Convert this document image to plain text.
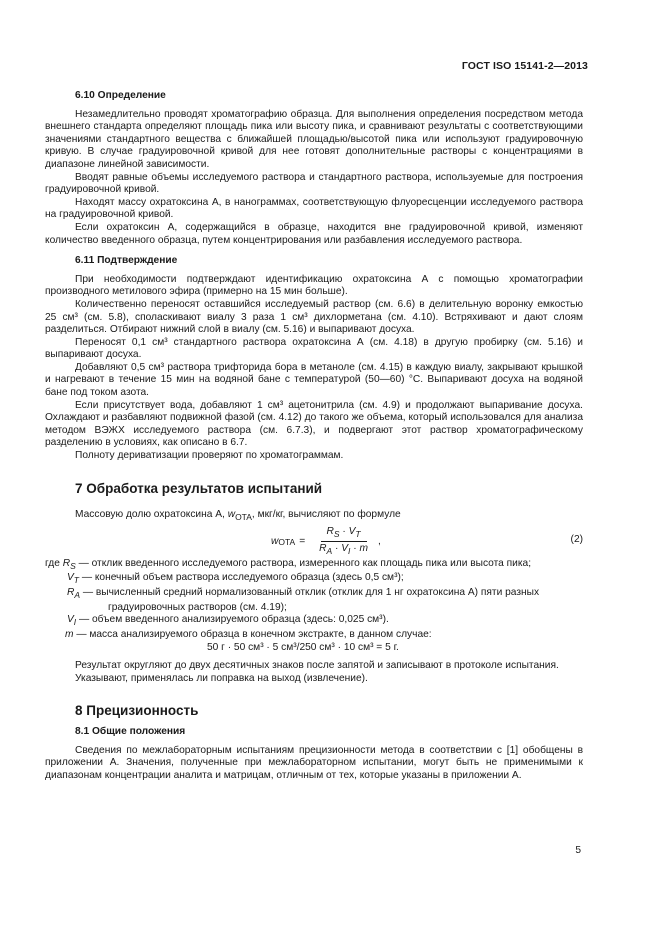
ГОСТ ISO 15141-2—2013

6.10 Определение

Незамедлительно проводят хроматографию образца. Для выполнения определения посредством метода внешнего стандарта определяют площадь пика или высоту пика, и сравнивают результаты с соответствующими значениями стандартного вещества с ближайшей площадью/высотой пика или используют градуировочную кривую. В случае градуировочной кривой для нее готовят дополнительные растворы с концентрациями в диапазоне линейной зависимости.

Вводят равные объемы исследуемого раствора и стандартного раствора, используемые для построения градуировочной кривой.

Находят массу охратоксина А, в нанограммах, соответствующую флуоресценции исследуемого раствора на градуировочной кривой.

Если охратоксин А, содержащийся в образце, находится вне градуировочной кривой, изменяют количество введенного образца, путем концентрирования или разбавления исследуемого раствора.

6.11 Подтверждение

При необходимости подтверждают идентификацию охратоксина А с помощью хроматографии производного метилового эфира (примерно на 15 мин больше).

Количественно переносят оставшийся исследуемый раствор (см. 6.6) в делительную воронку емкостью 25 см³ (см. 5.8), споласкивают виалу 3 раза 1 см³ дихлорметана (см. 4.10). Встряхивают и дают слоям разделиться. Отбирают нижний слой в виалу (см. 5.16) и выпаривают досуха.

Переносят 0,1 см³ стандартного раствора охратоксина А (см. 4.18) в другую пробирку (см. 5.16) и выпаривают досуха.

Добавляют 0,5 см³ раствора трифторида бора в метаноле (см. 4.15) в каждую виалу, закрывают крышкой и нагревают в течение 15 мин на водяной бане с температурой (50—60) °С. Выпаривают досуха на водяной бане под током азота.

Если присутствует вода, добавляют 1 см³ ацетонитрила (см. 4.9) и продолжают выпаривание досуха. Охлаждают и разбавляют подвижной фазой (см. 4.12) до такого же объема, который использовался для анализа методом ВЭЖХ исследуемого раствора (см. 6.7.3), и подвергают этот раствор хроматографическому разделению в условиях, как описано в 6.7.

Полноту дериватизации проверяют по хроматограммам.

7 Обработка результатов испытаний

Массовую долю охратоксина А, $w_{OTA}$, мкг/кг, вычисляют по формуле

w OTA = $\frac{R_S \cdot V_T}{R_A \cdot V_I \cdot m}$ ,	(2)

где $R_S$ — отклик введенного исследуемого раствора, измеренного как площадь пика или высота пика;

$V_T$ — конечный объем раствора исследуемого образца (здесь 0,5 см³);

$R_A$ — вычисленный средний нормализованный отклик (отклик для 1 нг охратоксина А) пяти разных

градуировочных растворов (см. 4.19);

$V_I$ — объем введенного анализируемого образца (здесь: 0,025 см³).

m — масса анализируемого образца в конечном экстракте, в данном случае:

50 г · 50 см³ · 5 см³/250 см³ · 10 см³ = 5 г.

Результат округляют до двух десятичных знаков после запятой и записывают в протоколе испытания.

Указывают, применялась ли поправка на выход (извлечение).

8 Прецизионность

8.1 Общие положения

Сведения по межлабораторным испытаниям прецизионности метода в соответствии с [1] обобщены в приложении А. Значения, полученные при межлабораторном испытании, могут быть не применимыми к диапазонам концентрации аналита и матрицам, отличным от тех, которые указаны в приложении А.

5
